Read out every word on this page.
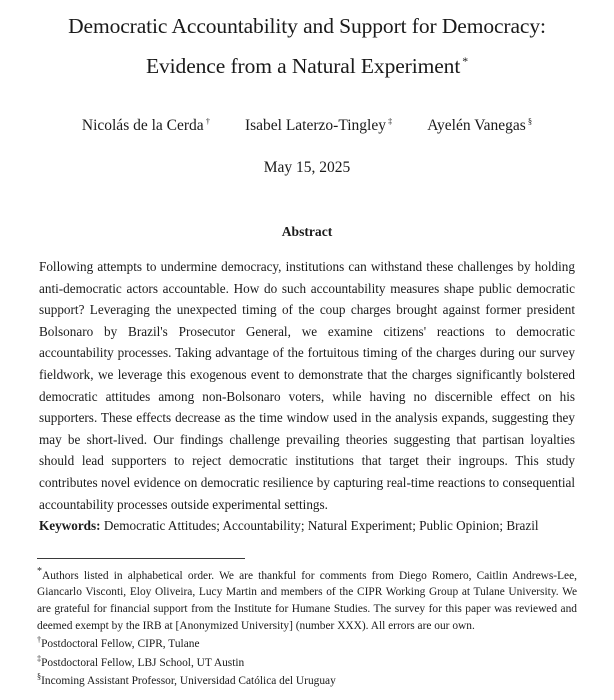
Democratic Accountability and Support for Democracy:
Evidence from a Natural Experiment *
Nicolás de la Cerda † Isabel Laterzo-Tingley ‡ Ayelén Vanegas §
May 15, 2025
Abstract

Following attempts to undermine democracy, institutions can withstand these challenges by holding anti-democratic actors accountable. How do such accountability measures shape public democratic support? Leveraging the unexpected timing of the coup charges brought against former president Bolsonaro by Brazil's Prosecutor General, we examine citizens' reactions to democratic accountability processes. Taking advantage of the fortuitous timing of the charges during our survey fieldwork, we leverage this exogenous event to demonstrate that the charges significantly bolstered democratic attitudes among non-Bolsonaro voters, while having no discernible effect on his supporters. These effects decrease as the time window used in the analysis expands, suggesting they may be short-lived. Our findings challenge prevailing theories suggesting that partisan loyalties should lead supporters to reject democratic institutions that target their ingroups. This study contributes novel evidence on democratic resilience by capturing real-time reactions to consequential accountability processes outside experimental settings.

Keywords: Democratic Attitudes; Accountability; Natural Experiment; Public Opinion; Brazil

*Authors listed in alphabetical order. We are thankful for comments from Diego Romero, Caitlin Andrews-Lee, Giancarlo Visconti, Eloy Oliveira, Lucy Martin and members of the CIPR Working Group at Tulane University. We are grateful for financial support from the Institute for Humane Studies. The survey for this paper was reviewed and deemed exempt by the IRB at [Anonymized University] (number XXX). All errors are our own.

†Postdoctoral Fellow, CIPR, Tulane

‡Postdoctoral Fellow, LBJ School, UT Austin

§Incoming Assistant Professor, Universidad Católica del Uruguay
